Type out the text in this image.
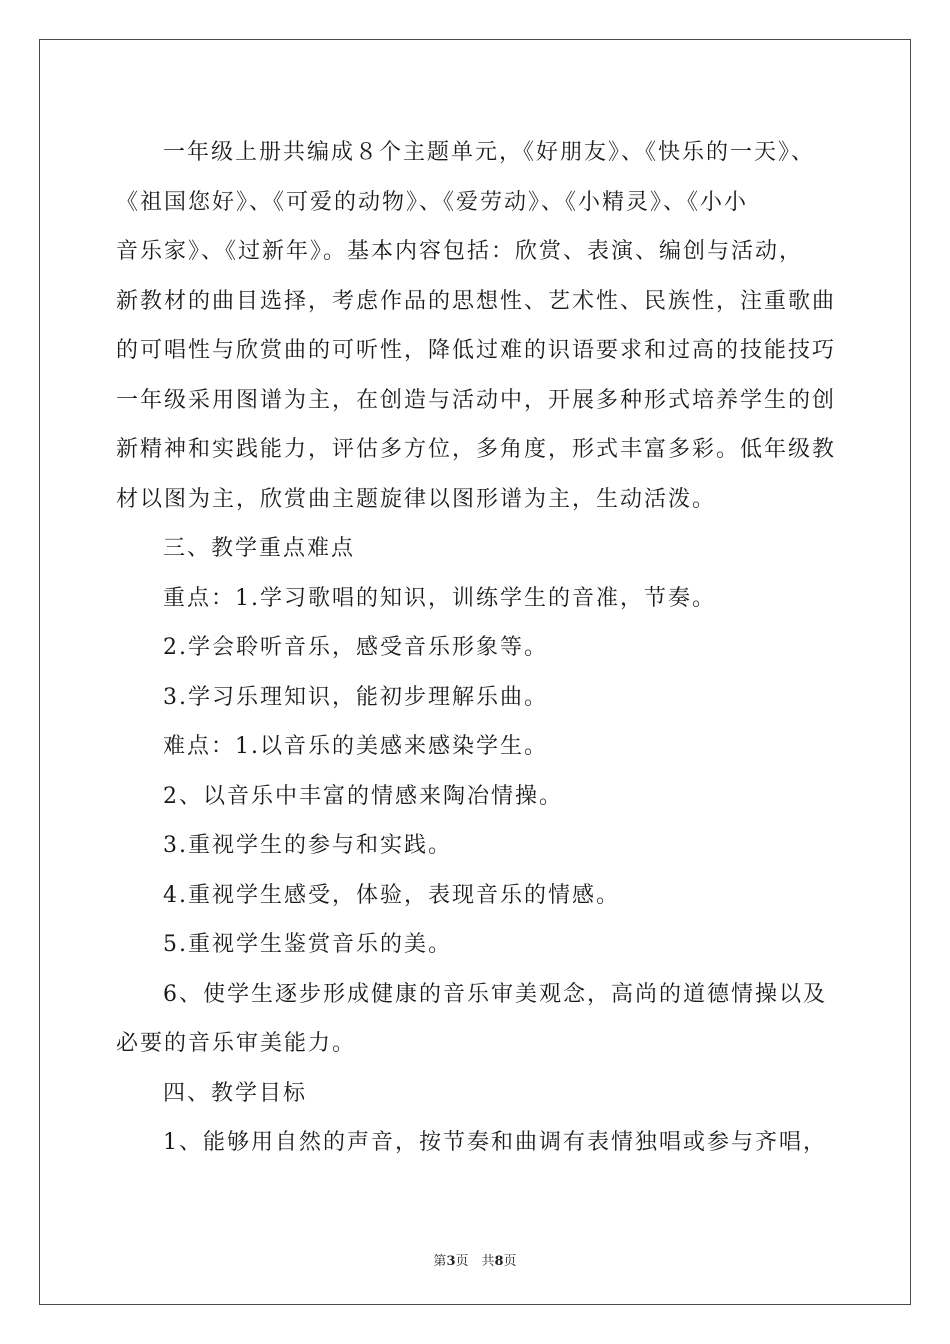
一年级上册共编成８个主题单元，《好朋友》、《快乐的一天》、

《祖国您好》、《可爱的动物》、《爱劳动》、《小精灵》、《小小

音乐家》、《过新年》。基本内容包括：欣赏、表演、编创与活动，

新教材的曲目选择，考虑作品的思想性、艺术性、民族性，注重歌曲

的可唱性与欣赏曲的可听性，降低过难的识语要求和过高的技能技巧

一年级采用图谱为主，在创造与活动中，开展多种形式培养学生的创

新精神和实践能力，评估多方位，多角度，形式丰富多彩。低年级教

材以图为主，欣赏曲主题旋律以图形谱为主，生动活泼。

三、教学重点难点

重点：1.学习歌唱的知识，训练学生的音准，节奏。

2.学会聆听音乐，感受音乐形象等。

3.学习乐理知识，能初步理解乐曲。

难点：1.以音乐的美感来感染学生。

2、以音乐中丰富的情感来陶冶情操。

3.重视学生的参与和实践。

4.重视学生感受，体验，表现音乐的情感。

5.重视学生鉴赏音乐的美。

6、使学生逐步形成健康的音乐审美观念，高尚的道德情操以及

必要的音乐审美能力。

四、教学目标

1、能够用自然的声音，按节奏和曲调有表情独唱或参与齐唱，

第3页　共8页
